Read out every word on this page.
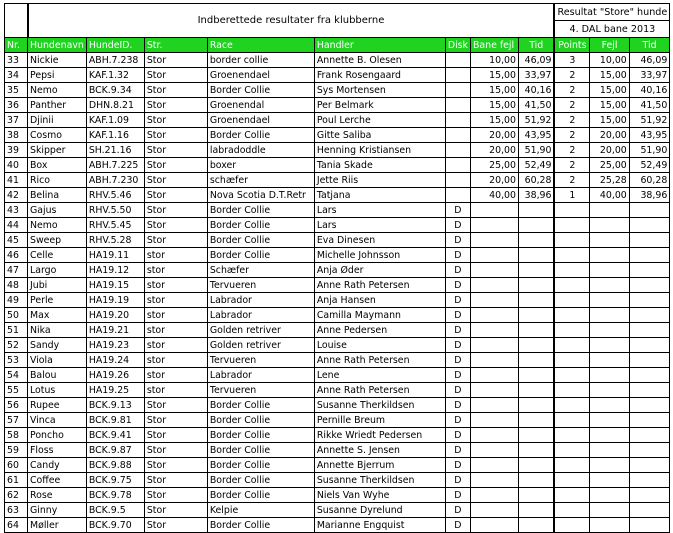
	Indberettede resultater fra klubberne								Resultat "Store" hunde		
									4. DAL bane 2013		
Nr.	Hundenavn	HundeID.	Str.	Race	Handler	Disk	Bane fejl	Tid	Points	Fejl	Tid
33	Nickie	ABH.7.238	Stor	border collie	Annette B. Olesen		10,00	46,09	3	10,00	46,09
34	Pepsi	KAF.1.32	Stor	Groenendael	Frank Rosengaard		15,00	33,97	2	15,00	33,97
35	Nemo	BCK.9.34	Stor	Border Collie	Sys Mortensen		15,00	40,16	2	15,00	40,16
36	Panther	DHN.8.21	Stor	Groenendal	Per Belmark		15,00	41,50	2	15,00	41,50
37	Djinii	KAF.1.09	Stor	Groenendael	Poul Lerche		15,00	51,92	2	15,00	51,92
38	Cosmo	KAF.1.16	Stor	Border Collie	Gitte Saliba		20,00	43,95	2	20,00	43,95
39	Skipper	SH.21.16	Stor	labradoddle	Henning Kristiansen		20,00	51,90	2	20,00	51,90
40	Box	ABH.7.225	Stor	boxer	Tania Skade		25,00	52,49	2	25,00	52,49
41	Rico	ABH.7.230	Stor	schæfer	Jette Riis		20,00	60,28	2	25,28	60,28
42	Belina	RHV.5.46	Stor	Nova Scotia D.T.Retr	Tatjana		40,00	38,96	1	40,00	38,96
43	Gajus	RHV.5.50	Stor	Border Collie	Lars	D					
44	Nemo	RHV.5.45	Stor	Border Collie	Lars	D					
45	Sweep	RHV.5.28	Stor	Border Collie	Eva Dinesen	D					
46	Celle	HA19.11	stor	Border Collie	Michelle Johnsson	D					
47	Largo	HA19.12	stor	Schæfer	Anja Øder	D					
48	Jubi	HA19.15	stor	Tervueren	Anne Rath Petersen	D					
49	Perle	HA19.19	stor	Labrador	Anja Hansen	D					
50	Max	HA19.20	stor	Labrador	Camilla Maymann	D					
51	Nika	HA19.21	stor	Golden retriver	Anne Pedersen	D					
52	Sandy	HA19.23	stor	Golden retriver	Louise	D					
53	Viola	HA19.24	stor	Tervueren	Anne Rath Petersen	D					
54	Balou	HA19.26	stor	Labrador	Lene	D					
55	Lotus	HA19.25	stor	Tervueren	Anne Rath Petersen	D					
56	Rupee	BCK.9.13	Stor	Border Collie	Susanne Therkildsen	D					
57	Vinca	BCK.9.81	Stor	Border Collie	Pernille Breum	D					
58	Poncho	BCK.9.41	Stor	Border Collie	Rikke Wriedt Pedersen	D					
59	Floss	BCK.9.87	Stor	Border Collie	Annette S. Jensen	D					
60	Candy	BCK.9.88	Stor	Border Collie	Annette Bjerrum	D					
61	Coffee	BCK.9.75	Stor	Border Collie	Susanne Therkildsen	D					
62	Rose	BCK.9.78	Stor	Border Collie	Niels Van Wyhe	D					
63	Ginny	BCK.9.5	Stor	Kelpie	Susanne Dyrelund	D					
64	Møller	BCK.9.70	Stor	Border Collie	Marianne Engquist	D					
